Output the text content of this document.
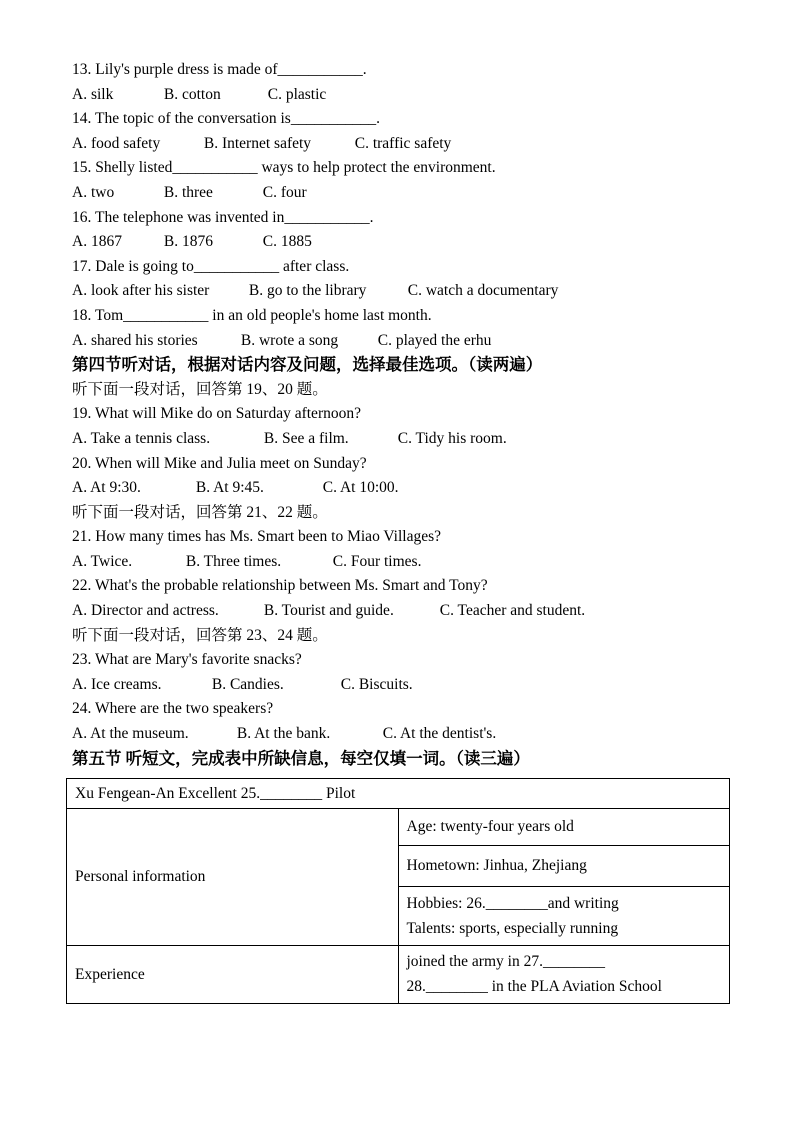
13. Lily's purple dress is made of___________.
A. silk	B. cotton	C. plastic
14. The topic of the conversation is___________.
A. food safety	B. Internet safety	C. traffic safety
15. Shelly listed___________ ways to help protect the environment.
A. two	B. three	C. four
16. The telephone was invented in___________.
A. 1867	B. 1876	C. 1885
17. Dale is going to___________ after class.
A. look after his sister	B. go to the library	C. watch a documentary
18. Tom___________ in an old people's home last month.
A. shared his stories	B. wrote a song	C. played the erhu
第四节听对话，根据对话内容及问题，选择最佳选项。（读两遍）
听下面一段对话，回答第 19、20 题。
19. What will Mike do on Saturday afternoon?
A. Take a tennis class.	B. See a film.	C. Tidy his room.
20. When will Mike and Julia meet on Sunday?
A. At 9:30.	B. At 9:45.	C. At 10:00.
听下面一段对话，回答第 21、22 题。
21. How many times has Ms. Smart been to Miao Villages?
A. Twice.	B. Three times.	C. Four times.
22. What's the probable relationship between Ms. Smart and Tony?
A. Director and actress.	B. Tourist and guide.	C. Teacher and student.
听下面一段对话，回答第 23、24 题。
23. What are Mary's favorite snacks?
A. Ice creams.	B. Candies.	C. Biscuits.
24. Where are the two speakers?
A. At the museum.	B. At the bank.	C. At the dentist's.
第五节 听短文，完成表中所缺信息，每空仅填一词。（读三遍）
Xu Fengean-An Excellent 25.________ Pilot	
Personal information	Age: twenty-four years old
	Hometown: Jinhua, Zhejiang

	Hobbies: 26.________and writing
Talents: sports, especially running

Experience	joined the army in 27.________
28.________ in the PLA Aviation School
